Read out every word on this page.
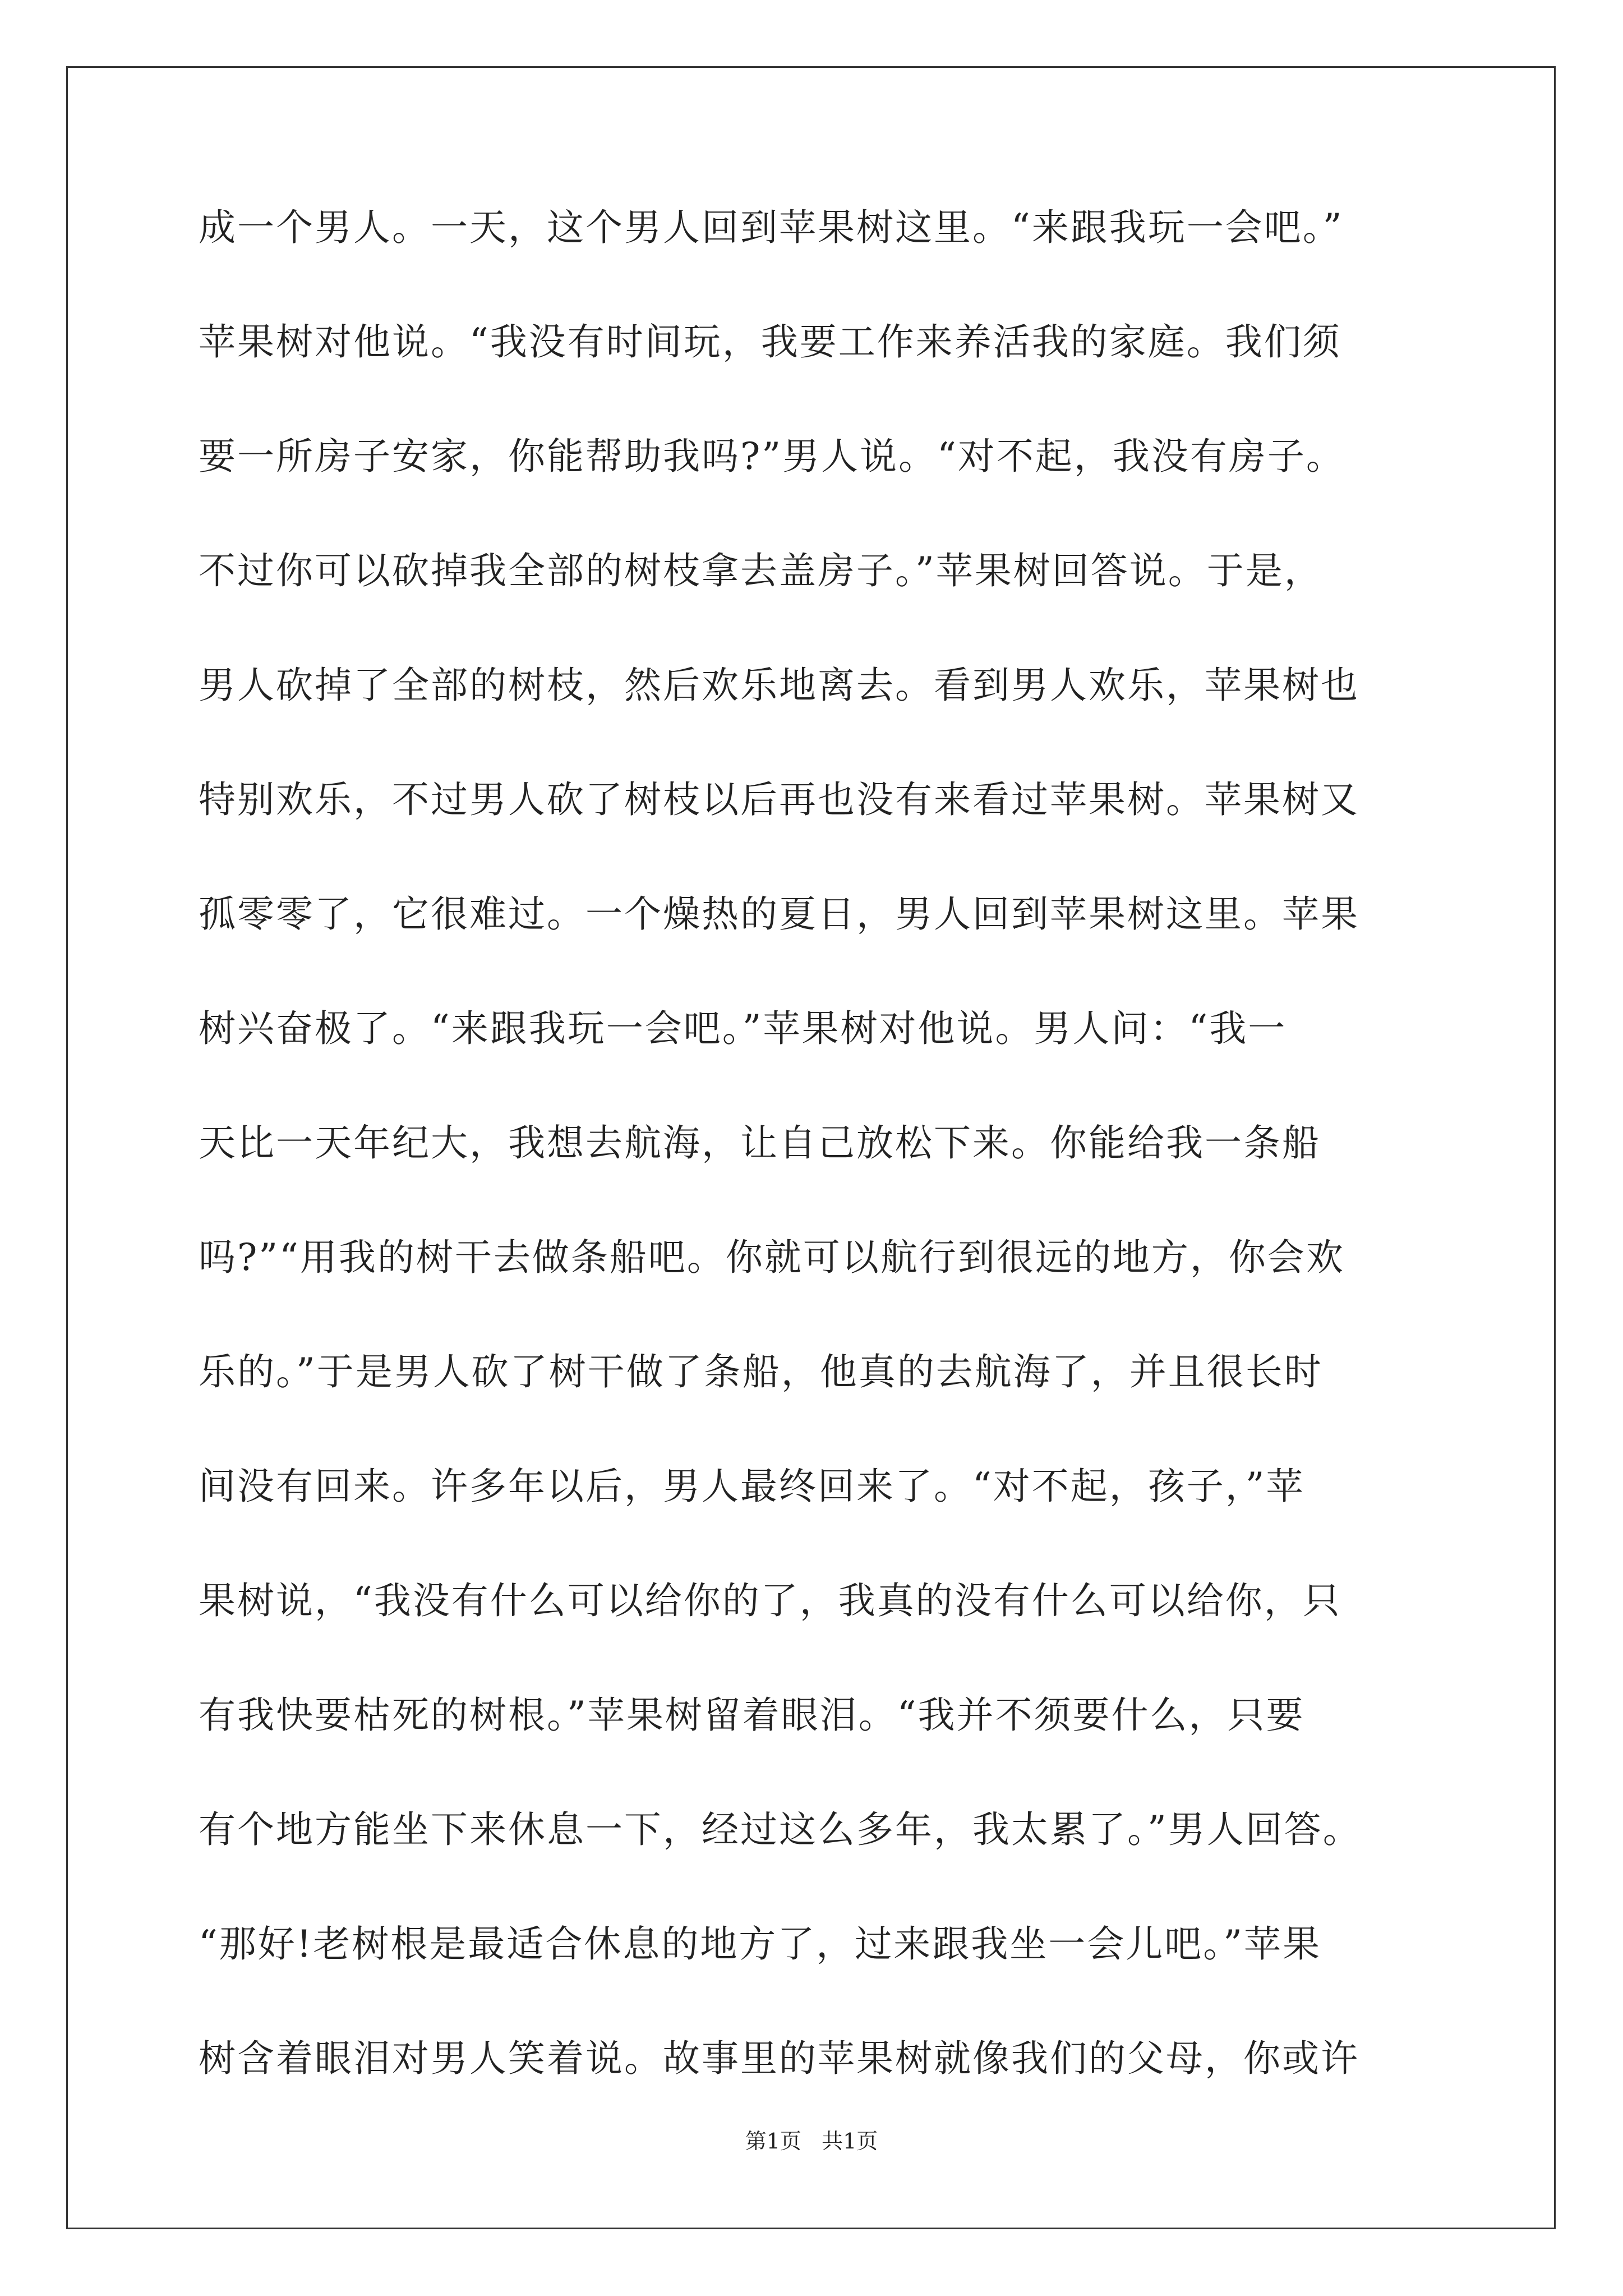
成一个男人。一天，这个男人回到苹果树这里。“来跟我玩一会吧。”
苹果树对他说。“我没有时间玩，我要工作来养活我的家庭。我们须
要一所房子安家，你能帮助我吗?”男人说。“对不起，我没有房子。
不过你可以砍掉我全部的树枝拿去盖房子。”苹果树回答说。于是，
男人砍掉了全部的树枝，然后欢乐地离去。看到男人欢乐，苹果树也
特别欢乐，不过男人砍了树枝以后再也没有来看过苹果树。苹果树又
孤零零了，它很难过。一个燥热的夏日，男人回到苹果树这里。苹果
树兴奋极了。“来跟我玩一会吧。”苹果树对他说。男人问：“我一
天比一天年纪大，我想去航海，让自己放松下来。你能给我一条船
吗?”“用我的树干去做条船吧。你就可以航行到很远的地方，你会欢
乐的。”于是男人砍了树干做了条船，他真的去航海了，并且很长时
间没有回来。许多年以后，男人最终回来了。“对不起，孩子，”苹
果树说，“我没有什么可以给你的了，我真的没有什么可以给你，只
有我快要枯死的树根。”苹果树留着眼泪。“我并不须要什么，只要
有个地方能坐下来休息一下，经过这么多年，我太累了。”男人回答。
“那好!老树根是最适合休息的地方了，过来跟我坐一会儿吧。”苹果
树含着眼泪对男人笑着说。故事里的苹果树就像我们的父母，你或许
第1页   共1页
